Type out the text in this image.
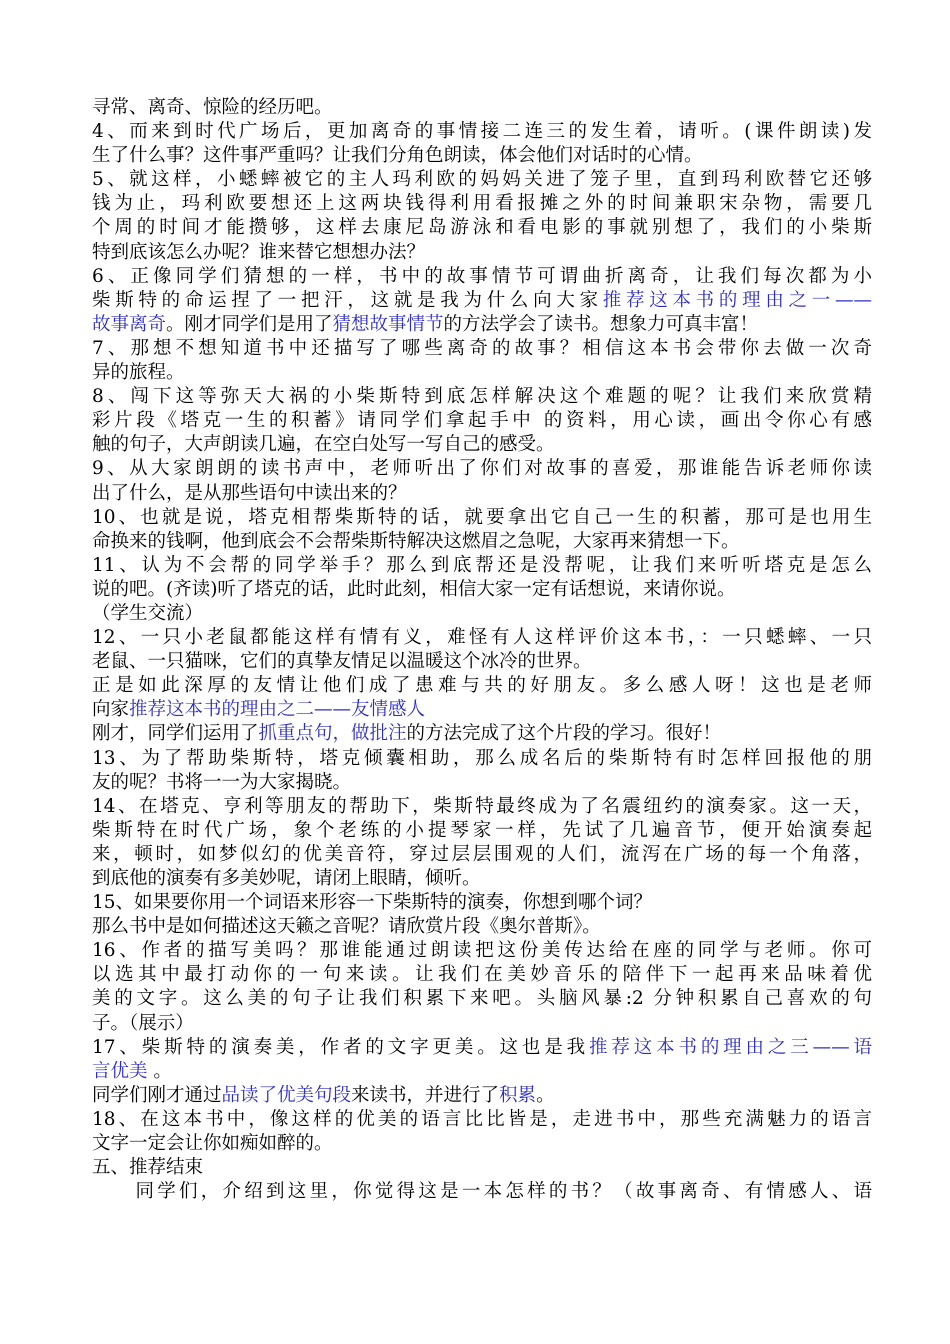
寻常、离奇、惊险的经历吧。
4、而来到时代广场后，更加离奇的事情接二连三的发生着，请听。(课件朗读)发
生了什么事？这件事严重吗？让我们分角色朗读，体会他们对话时的心情。
5、就这样，小蟋蟀被它的主人玛利欧的妈妈关进了笼子里，直到玛利欧替它还够
钱为止，玛利欧要想还上这两块钱得利用看报摊之外的时间兼职宋杂物，需要几
个周的时间才能攒够，这样去康尼岛游泳和看电影的事就别想了，我们的小柴斯
特到底该怎么办呢？谁来替它想想办法？
6、正像同学们猜想的一样，书中的故事情节可谓曲折离奇，让我们每次都为小
柴斯特的命运捏了一把汗，这就是我为什么向大家推荐这本书的理由之一——
故事离奇。刚才同学们是用了猜想故事情节的方法学会了读书。想象力可真丰富！
7、那想不想知道书中还描写了哪些离奇的故事？相信这本书会带你去做一次奇
异的旅程。
8、闯下这等弥天大祸的小柴斯特到底怎样解决这个难题的呢？让我们来欣赏精
彩片段《塔克一生的积蓄》请同学们拿起手中 的资料，用心读，画出令你心有感
触的句子，大声朗读几遍，在空白处写一写自己的感受。
9、从大家朗朗的读书声中，老师听出了你们对故事的喜爱，那谁能告诉老师你读
出了什么，是从那些语句中读出来的？
10、也就是说，塔克相帮柴斯特的话，就要拿出它自己一生的积蓄，那可是也用生
命换来的钱啊，他到底会不会帮柴斯特解决这燃眉之急呢，大家再来猜想一下。
11、认为不会帮的同学举手？那么到底帮还是没帮呢，让我们来听听塔克是怎么
说的吧。(齐读)听了塔克的话，此时此刻，相信大家一定有话想说，来请你说。
（学生交流）
12、一只小老鼠都能这样有情有义，难怪有人这样评价这本书，：一只蟋蟀、一只
老鼠、一只猫咪，它们的真挚友情足以温暖这个冰冷的世界。
正是如此深厚的友情让他们成了患难与共的好朋友。多么感人呀！这也是老师
向家推荐这本书的理由之二——友情感人
刚才，同学们运用了抓重点句，做批注的方法完成了这个片段的学习。很好！
13、为了帮助柴斯特，塔克倾囊相助，那么成名后的柴斯特有时怎样回报他的朋
友的呢？书将一一为大家揭晓。
14、在塔克、亨利等朋友的帮助下，柴斯特最终成为了名震纽约的演奏家。这一天，
柴斯特在时代广场，象个老练的小提琴家一样，先试了几遍音节，便开始演奏起
来，顿时，如梦似幻的优美音符，穿过层层围观的人们，流泻在广场的每一个角落，
到底他的演奏有多美妙呢，请闭上眼睛，倾听。
15、如果要你用一个词语来形容一下柴斯特的演奏，你想到哪个词？
那么书中是如何描述这天籁之音呢？请欣赏片段《奥尔普斯》。
16、作者的描写美吗？那谁能通过朗读把这份美传达给在座的同学与老师。你可
以选其中最打动你的一句来读。让我们在美妙音乐的陪伴下一起再来品味着优
美的文字。这么美的句子让我们积累下来吧。头脑风暴:2 分钟积累自己喜欢的句
子。（展示）
17、柴斯特的演奏美，作者的文字更美。这也是我推荐这本书的理由之三——语
言优美 。
同学们刚才通过品读了优美句段来读书，并进行了积累。
18、在这本书中，像这样的优美的语言比比皆是，走进书中，那些充满魅力的语言
文字一定会让你如痴如醉的。
五、推荐结束
　　同学们，介绍到这里，你觉得这是一本怎样的书？（故事离奇、有情感人、语
